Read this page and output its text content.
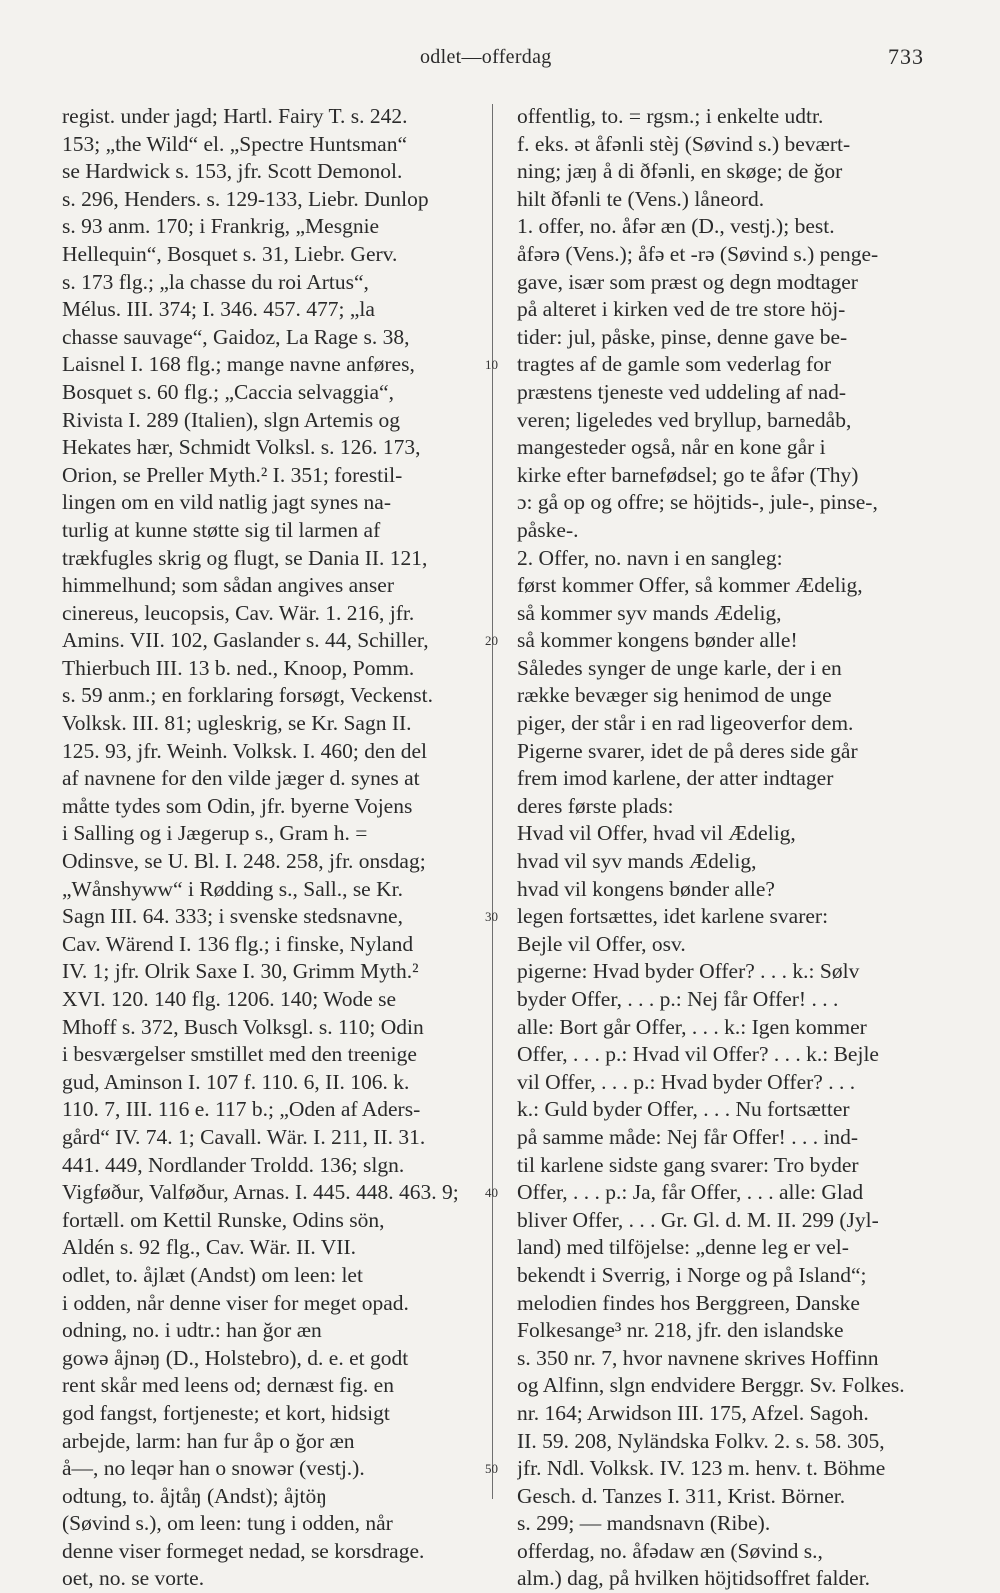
odlet—offerdag	733
regist. under jagd; Hartl. Fairy T. s. 242.
153; „the Wild“ el. „Spectre Huntsman“
se Hardwick s. 153, jfr. Scott Demonol.
s. 296, Henders. s. 129-133, Liebr. Dunlop
s. 93 anm. 170; i Frankrig, „Mesgnie
Hellequin“, Bosquet s. 31, Liebr. Gerv.
s. 173 flg.; „la chasse du roi Artus“,
Mélus. III. 374; I. 346. 457. 477; „la
chasse sauvage“, Gaidoz, La Rage s. 38,
Laisnel I. 168 flg.; mange navne anføres,
Bosquet s. 60 flg.; „Caccia selvaggia“,
Rivista I. 289 (Italien), slgn Artemis og
Hekates hær, Schmidt Volksl. s. 126. 173,
Orion, se Preller Myth.² I. 351; forestil-
lingen om en vild natlig jagt synes na-
turlig at kunne støtte sig til larmen af
trækfugles skrig og flugt, se Dania II. 121,
himmelhund; som sådan angives anser
cinereus, leucopsis, Cav. Wär. 1. 216, jfr.
Amins. VII. 102, Gaslander s. 44, Schiller,
Thierbuch III. 13 b. ned., Knoop, Pomm.
s. 59 anm.; en forklaring forsøgt, Veckenst.
Volksk. III. 81; ugleskrig, se Kr. Sagn II.
125. 93, jfr. Weinh. Volksk. I. 460; den del
af navnene for den vilde jæger d. synes at
måtte tydes som Odin, jfr. byerne Vojens
i Salling og i Jægerup s., Gram h. =
Odinsve, se U. Bl. I. 248. 258, jfr. onsdag;
„Wånshyww“ i Rødding s., Sall., se Kr.
Sagn III. 64. 333; i svenske stedsnavne,
Cav. Wärend I. 136 flg.; i finske, Nyland
IV. 1; jfr. Olrik Saxe I. 30, Grimm Myth.²
XVI. 120. 140 flg. 1206. 140; Wode se
Mhoff s. 372, Busch Volksgl. s. 110; Odin
i besværgelser smstillet med den treenige
gud, Aminson I. 107 f. 110. 6, II. 106. k.
110. 7, III. 116 e. 117 b.; „Oden af Aders-
gård“ IV. 74. 1; Cavall. Wär. I. 211, II. 31.
441. 449, Nordlander Troldd. 136; slgn.
Vigføður, Valføður, Arnas. I. 445. 448. 463. 9;
fortæll. om Kettil Runske, Odins sön,
Aldén s. 92 flg., Cav. Wär. II. VII.
odlet, to. åjlæt (Andst) om leen: let
i odden, når denne viser for meget opad.
odning, no. i udtr.: han ğor æn
gowə åjnəŋ (D., Holstebro), d. e. et godt
rent skår med leens od; dernæst fig. en
god fangst, fortjeneste; et kort, hidsigt
arbejde, larm: han fur åp o ğor æn
å—, no leqər han o snowər (vestj.).
odtung, to. åjtåŋ (Andst); åjtöŋ
(Søvind s.), om leen: tung i odden, når
denne viser formeget nedad, se korsdrage.
oet, no. se vorte.
10
20
30
40
50
offentlig, to. = rgsm.; i enkelte udtr.
f. eks. ət åfənli stèj (Søvind s.) bevært-
ning; jæŋ å di ðfənli, en skøge; de ğor
hilt ðfənli te (Vens.) låneord.
1. offer, no. åfər æn (D., vestj.); best.
åfərə (Vens.); åfə et -rə (Søvind s.) penge-
gave, især som præst og degn modtager
på alteret i kirken ved de tre store höj-
tider: jul, påske, pinse, denne gave be-
tragtes af de gamle som vederlag for
præstens tjeneste ved uddeling af nad-
veren; ligeledes ved bryllup, barnedåb,
mangesteder også, når en kone går i
kirke efter barnefødsel; go te åfər (Thy)
ɔ: gå op og offre; se höjtids-, jule-, pinse-,
påske-.
2. Offer, no. navn i en sangleg:
først kommer Offer, så kommer Ædelig,
så kommer syv mands Ædelig,
så kommer kongens bønder alle!
Således synger de unge karle, der i en
række bevæger sig henimod de unge
piger, der står i en rad ligeoverfor dem.
Pigerne svarer, idet de på deres side går
frem imod karlene, der atter indtager
deres første plads:
Hvad vil Offer, hvad vil Ædelig,
hvad vil syv mands Ædelig,
hvad vil kongens bønder alle?
legen fortsættes, idet karlene svarer:
Bejle vil Offer, osv.
pigerne: Hvad byder Offer? . . . k.: Sølv
byder Offer, . . . p.: Nej får Offer! . . .
alle: Bort går Offer, . . . k.: Igen kommer
Offer, . . . p.: Hvad vil Offer? . . . k.: Bejle
vil Offer, . . . p.: Hvad byder Offer? . . .
k.: Guld byder Offer, . . . Nu fortsætter
på samme måde: Nej får Offer! . . . ind-
til karlene sidste gang svarer: Tro byder
Offer, . . . p.: Ja, får Offer, . . . alle: Glad
bliver Offer, . . . Gr. Gl. d. M. II. 299 (Jyl-
land) med tilföjelse: „denne leg er vel-
bekendt i Sverrig, i Norge og på Island“;
melodien findes hos Berggreen, Danske
Folkesange³ nr. 218, jfr. den islandske
s. 350 nr. 7, hvor navnene skrives Hoffinn
og Alfinn, slgn endvidere Berggr. Sv. Folkes.
nr. 164; Arwidson III. 175, Afzel. Sagoh.
II. 59. 208, Nyländska Folkv. 2. s. 58. 305,
jfr. Ndl. Volksk. IV. 123 m. henv. t. Böhme
Gesch. d. Tanzes I. 311, Krist. Börner.
s. 299; — mandsnavn (Ribe).
offerdag, no. åfədaw æn (Søvind s.,
alm.) dag, på hvilken höjtidsoffret falder.
